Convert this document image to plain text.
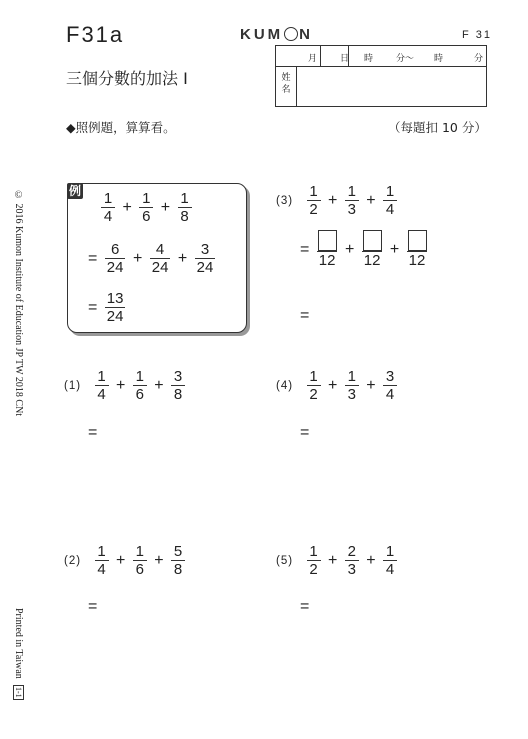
F31a	KUM N	F 31
三個分數的加法 I
◆照例題，算算看。	（每題扣 10 分）
月	日 時	分～ 時	分
姓
名
© 2016 Kumon Institute of Education JP TW 2018 CNt
Printed in Taiwan 1-1
例 $\frac{1}{4} + \frac{1}{6} + \frac{1}{8}$
= $\frac{6}{24} + \frac{4}{24} + \frac{3}{24}$
= $\frac{13}{24}$
$(3) \frac{1}{2} + \frac{1}{3} + \frac{1}{4}$
=
12
+
12
+
12
=
$(1) \frac{1}{4} + \frac{1}{6} + \frac{3}{8}$
=
$(4) \frac{1}{2} + \frac{1}{3} + \frac{3}{4}$
=
$(2) \frac{1}{4} + \frac{1}{6} + \frac{5}{8}$
=
$(5) \frac{1}{2} + \frac{2}{3} + \frac{1}{4}$
=
